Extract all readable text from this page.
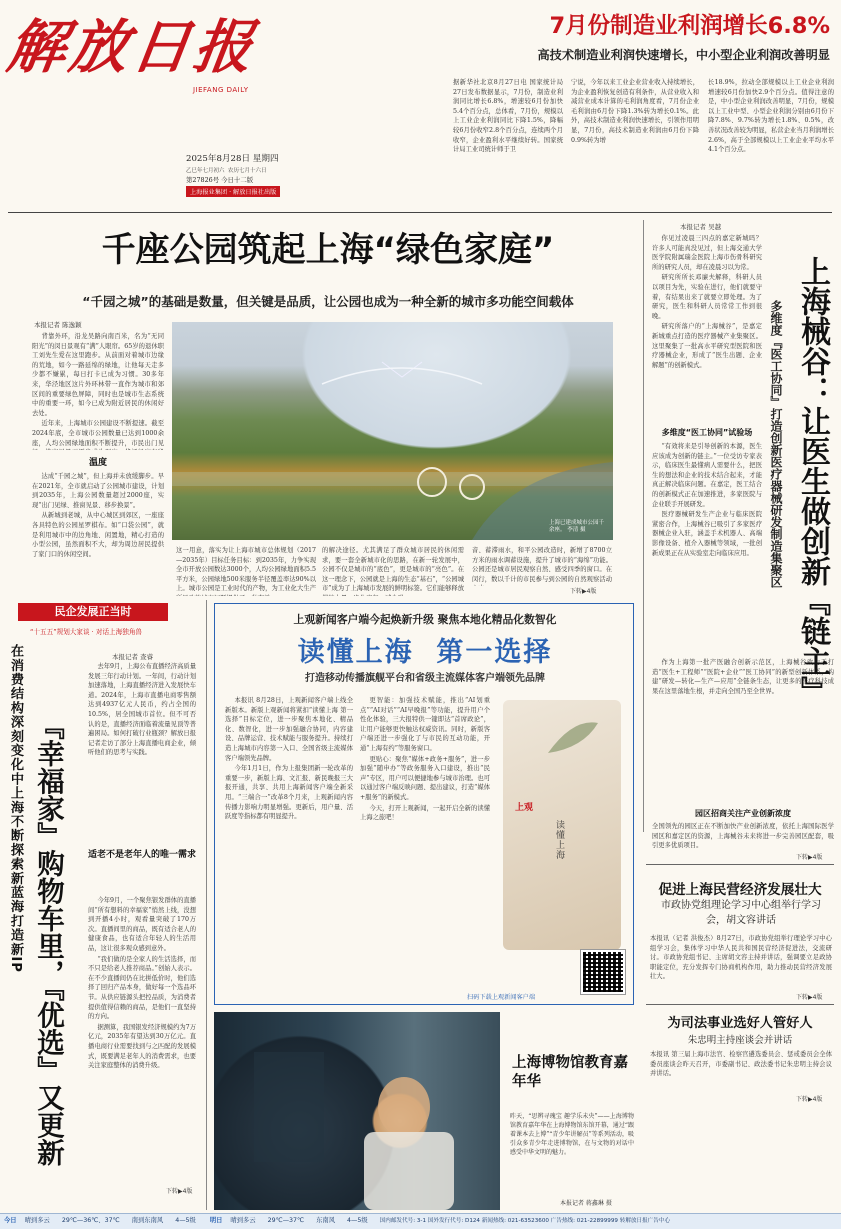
解放日报
JIEFANG DAILY
2025年8月28日 星期四
乙巳年七月初六 农历七月十六日
第27826号 今日十二版
上海报业集团 · 解放日报社出版
7月份制造业利润增长6.8%
高技术制造业利润快速增长，中小型企业利润改善明显
据新华社北京8月27日电 国家统计局27日发布数据显示，7月份，制造业利润同比增长6.8%，增速较6月份加快5.4个百分点，总体看，7月份，规模以上工业企业利润同比下降1.5%，降幅较6月份收窄2.8个百分点，连续两个月收窄，企业盈利水平继续好转。国家统计局工业司统计师于卫
宁说，今年以来工业企业营业收入持续增长，为企业盈利恢复创造有利条件，从营业收入和减营业成本计算的毛利润角度看，7月份企业毛利润由6月份下降1.3%转为增长0.1%。此外，高技术制造业利润快速增长，引领作用明显，7月份，高技术制造业利润由6月份下降0.9%转为增
长18.9%，拉动全部规模以上工业企业利润增速较6月份加快2.9个百分点。值得注意的是，中小型企业利润改善明显，7月份，规模以上工业中型、小型企业利润分别由6月份下降7.8%、9.7%转为增长1.8%、0.5%，改善状况改善较为明显，私营企业当月利润增长2.6%，高于全部规模以上工业企业平均水平4.1个百分点。
千座公园筑起上海“绿色家庭”
“千园之城”的基础是数量，但关键是品质，让公园也成为一种全新的城市多功能空间载体
本报记者 陈逸颖

背靠外环，沿龙吴路向南百米，名为“无同阳光”的闵日景观有“满”人眼帘。65岁的退休职工刘先生爱在这里跑步。从前面对着城市边缘的荒地，如今一路延绵的绿地，让他每天走多少都不嫌累，每日打卡已成为习惯。30多年来，华泾地区这片外环林带一直作为城市和郊区间的重要绿色屏障，同时也是城市生态系统中的重要一环，如今已成为附近居民的休闲好去处。

近年来，上海城市公园建设不断提速。截至2024年底，全市城市公园数量已达到1000余座，人均公园绿地面积不断提升，市民出门见

温度

达成“千园之城”，但上海并未放缓脚步。早在2021年，全市就启动了公园城市建设，计划到2035年，上海公园数量超过2000座，实现“出门见绿、推窗见景、移步换景”。

从新城到老城，从中心城区到郊区，一座座各具特色的公园星罗棋布。如“口袋公园”，就是利用城市中的边角地、闲置地，精心打造的小型公园，虽然面积不大，却为周边居民提供了家门口的休闲空间。

上海已建成城市公园千余座。 李清 摄
这一用意，落实为让上海市城市总体规划（2017—2035年）目标任务目标：到2035年，力争实现全市开放公园数达3000个，人均公园绿地面积5.5平方米，公园绿地500米服务半径覆盖率达90%以上。城市公园是工业时代的产物，为工业化大生产
的解决途径。尤其满足了群众城市居民的休闲需求，要一套全新城市化的思路，在新一轮发展中，公园不仅是城市的“底色”，更是城市的“亮色”。在这一理念下，公园就是上海的生态“基石”，“公园城市”成为了上海城市发展的鲜明标签。它们能够释放
音、蓄滞雨水，和平公园改造时，新增了8700立方米的雨水调蓄设施，提升了城市的“海绵”功能。公园还是城市居民观察自然、感受四季的窗口。在闵行，数以千计的市民参与到公园的自然观察活动
下转▶4版
民企发展正当时
“十五五”规划大家谈 · 对话上海独角兽
在消费结构深刻变化中上海不断探索新蓝海打造新IP 『幸福家』购物车里，『优选』又更新
本报记者 查睿

去年9月，上海公布直播经济高质量发展三年行动计划。一年间，行动计划加速落地，上海直播经济进入发展快车道。2024年，上海市直播电商零售额达到4937亿元人民币，约占全国的10.5%，居全国城市首位。但不可否认的是，直播经济面临着流量见顶等普遍困局。如何打破行业瓶颈？解放日报记者走访了部分上海直播电商企业，倾听他们的思考与实践。

适老不是老年人的唯一需求

今年9月，一个聚焦银发群体的直播间“所有想料的幸福家”悄然上线，没想到开播4小时，观看量突破了170万次。直播间里的商品，既有适合老人的健康食品，也有适合年轻人的生活用品，这让很多观众感到意外。

“我们做的是全家人的生活选择，而不只是给老人推荐商品。”创始人表示。在不少直播间仍在比拼低价时，他们选择了回归产品本身，做好每一个选品环节。从供应链源头把控品质，为消费者提供值得信赖的商品，是他们一直坚持的方向。

据测算，我国银发经济规模约为7万亿元，2035年有望达到30万亿元。直播电商行业需要找到与之匹配的发展模式，既要满足老年人的消费需求，也要关注家庭整体的消费升级。

下转▶4版
上观新闻客户端今起焕新升级 聚焦本地化精品化数智化
读懂上海  第一选择
打造移动传播旗舰平台和省级主流媒体客户端领先品牌

本报讯 8月28日，上观新闻客户端上线全新版本。新版上观新闻将紧扣“读懂上海 第一选择”目标定位，进一步聚焦本地化、精品化、数智化，进一步加强融合协同，内容建设、品牌运营、技术赋能与服务提升。持续打造上海城市内容第一入口、全国省级主流媒体客户端领先品牌。

今年1月1日，作为上报集团新一轮改革的重要一步，新版上海、文汇报、新民晚报三大报开通，共享、共用上海新闻客户端全新采用。“三端合一”改革8个月来，上观新闻内容传播力影响力明显增强。更新后，用户量、活跃度等指标都有明显提升。

更智能：加强技术赋能，推出“AI划重点”“AI对话”“AI早晚报”等功能，提升用户个性化体验，三大报特供一键即达“首席政论”，让用户能够更快触达权威资讯。同时，新版客户端还进一步强化了与市民的互动功能，开通“上海有约”等服务窗口。

更贴心：聚焦“媒体+政务+服务”，进一步加强“随申办”等政务服务入口建设，推出“民声”专区，用户可以便捷地参与城市治理。也可以通过客户端反映问题、提出建议，打造“媒体+服务”的新模式。

今天，打开上观新闻，一起开启全新的读懂上海之旅吧！

上观
读懂上海
扫码下载上观新闻客户端
上海博物馆教育嘉年华
昨天，“思辨寻瑰宝 趣学乐未央”——上海博物馆教育嘉年华在上海博物馆东馆开幕，通过“跟着课本去上博”“青少年讲解员”等系列活动，吸引众多青少年走进博物馆，在与文物的对话中感受中华文明的魅力。
本报记者 蒋鑫琳 摄
本报记者 吴越

你见过凌晨三四点的嘉定新城吗？许多人可能真没见过，但上海交通大学医学院附属瑞金医院上海市伤骨科研究所的研究人员，却在凌晨习以为常。

研究所所长邓廉夫解释，科研人员以项目为先，实验在进行，他们就要守着，有结果出来了就要立即处理。为了研究，医生和科研人员常常工作到很晚。

研究所落户的“上海械谷”，是嘉定新城重点打造的医疗器械产业集聚区。这里聚集了一批高水平研究型医院和医疗器械企业，形成了“医生出题、企业解题”的创新模式。

多维度“医工协同”试验场

“有效将来是引导创新的本源，医生应该成为创新的链主。”一位受访专家表示，临床医生最懂病人需要什么，把医生的想法和企业的技术结合起来，才能真正解决临床问题。在嘉定，医工结合的创新模式正在加速推进，多家医院与企业联手开展研发。

医疗器械研发生产企业与临床医院紧密合作，上海械谷已吸引了多家医疗器械企业入驻，涵盖手术机器人、高端影像设备、植介入器械等领域，一批创新成果正在从实验室走向临床应用。

作为上海第一批产医融合创新示范区，上海械谷致力于打造“医生+工程师”“医院+企业”“医工协同”的新型创新体系，构建“研发—转化—生产—应用”全链条生态，让更多的医疗科技成果在这里落地生根，并走向全国乃至全世界。

园区招商关注产业创新浓度
全国领先的园区正在不断加快产业创新浓度，依托上海国际医学园区和嘉定区的资源，上海械谷未来将进一步完善园区配套，吸引更多优质项目。
下转▶4版
上海械谷：让医生做创新『链主』
多维度『医工协同』打造创新医疗器械研发制造集聚区
促进上海民营经济发展壮大
市政协党组理论学习中心组举行学习会，胡文容讲话
本报讯（记者 洪俊杰）8月27日，市政协党组举行理论学习中心组学习会，集体学习中华人民共和国民营经济促进法，交流研讨。市政协党组书记、主席胡文容主持并讲话，强调要立足政协职能定位，充分发挥专门协商机构作用，助力推动民营经济发展壮大。
下转▶4版
为司法事业选好人管好人
朱忠明主持座谈会并讲话
本报讯 第三届上海市法官、检察官遴选委员会、惩戒委员会全体委员座谈会昨天召开，市委副书记、政法委书记朱忠明主持会议并讲话。
下转▶4版
今日 晴到多云 29℃—36℃、37℃ 南到东南风 4—5级 明日 晴到多云 29℃—37℃ 东南风 4—5级 国内邮发代号: 3-1 国外发行代号: D124 新闻热线: 021-63523600 广告热线: 021-22899999 转解放日报广告中心
